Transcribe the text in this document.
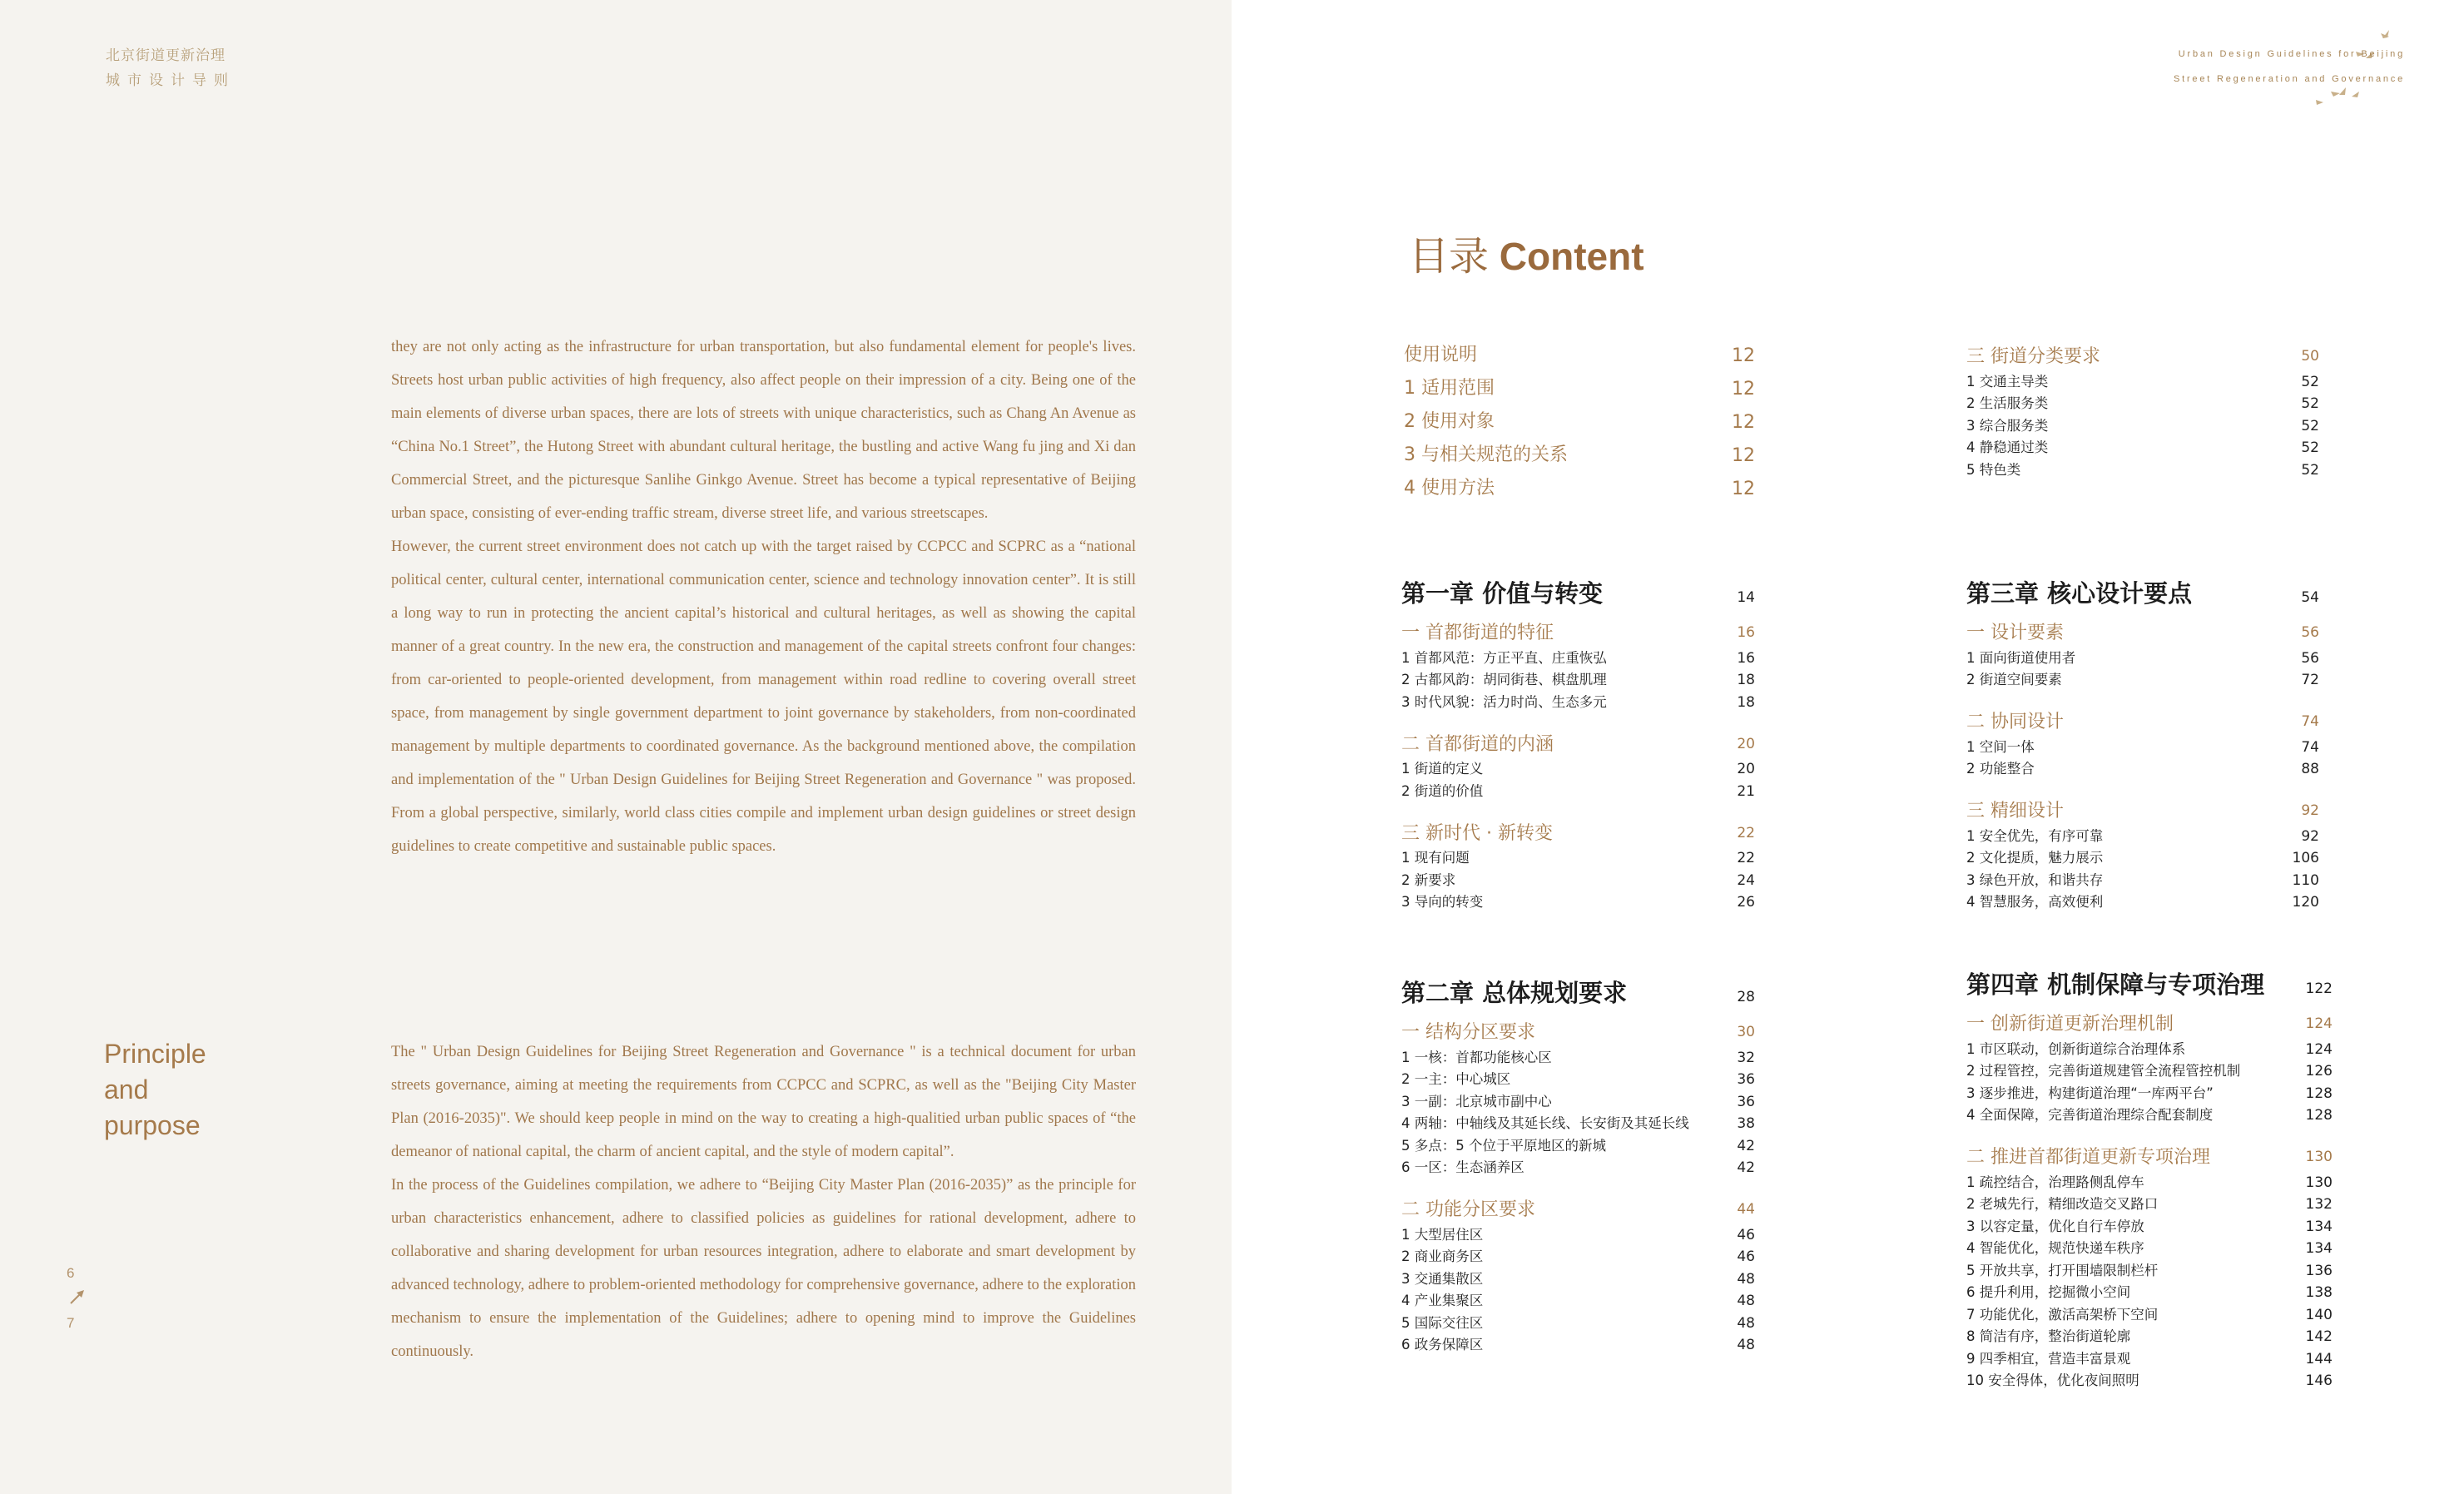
北京街道更新治理
城市设计导则

they are not only acting as the infrastructure for urban transportation, but also fundamental element for people's lives. Streets host urban public activities of high frequency, also affect people on their impression of a city. Being one of the main elements of diverse urban spaces, there are lots of streets with unique characteristics, such as Chang An Avenue as “China No.1 Street”, the Hutong Street with abundant cultural heritage, the bustling and active Wang fu jing and Xi dan Commercial Street, and the picturesque Sanlihe Ginkgo Avenue. Street has become a typical representative of Beijing urban space, consisting of ever-ending traffic stream, diverse street life, and various streetscapes.

However, the current street environment does not catch up with the target raised by CCPCC and SCPRC as a “national political center, cultural center, international communication center, science and technology innovation center”. It is still a long way to run in protecting the ancient capital’s historical and cultural heritages, as well as showing the capital manner of a great country. In the new era, the construction and management of the capital streets confront four changes: from car-oriented to people-oriented development, from management within road redline to covering overall street space, from management by single government department to joint governance by stakeholders, from non-coordinated management by multiple departments to coordinated governance. As the background mentioned above, the compilation and implementation of the " Urban Design Guidelines for Beijing Street Regeneration and Governance " was proposed. From a global perspective, similarly, world class cities compile and implement urban design guidelines or street design guidelines to create competitive and sustainable public spaces.

Principle
and
purpose

The " Urban Design Guidelines for Beijing Street Regeneration and Governance " is a technical document for urban streets governance, aiming at meeting the requirements from CCPCC and SCPRC, as well as the "Beijing City Master Plan (2016-2035)". We should keep people in mind on the way to creating a high-qualitied urban public spaces of “the demeanor of national capital, the charm of ancient capital, and the style of modern capital”.

In the process of the Guidelines compilation, we adhere to “Beijing City Master Plan (2016-2035)” as the principle for urban characteristics enhancement, adhere to classified policies as guidelines for rational development, adhere to collaborative and sharing development for urban resources integration, adhere to elaborate and smart development by advanced technology, adhere to problem-oriented methodology for comprehensive governance, adhere to the exploration mechanism to ensure the implementation of the Guidelines; adhere to opening mind to improve the Guidelines continuously.

6
7
Urban Design Guidelines for Beijing
Street Regeneration and Governance
目录 Content
使用说明	12
1 适用范围	12
2 使用对象	12
3 与相关规范的关系	12
4 使用方法	12
第一章 价值与转变	14
一 首都街道的特征	16
1 首都风范：方正平直、庄重恢弘	16
2 古都风韵：胡同街巷、棋盘肌理	18
3 时代风貌：活力时尚、生态多元	18
二 首都街道的内涵	20
1 街道的定义	20
2 街道的价值	21
三 新时代 · 新转变	22
1 现有问题	22
2 新要求	24
3 导向的转变	26
第二章 总体规划要求	28
一 结构分区要求	30
1 一核：首都功能核心区	32
2 一主：中心城区	36
3 一副：北京城市副中心	36
4 两轴：中轴线及其延长线、长安街及其延长线	38
5 多点：5 个位于平原地区的新城	42
6 一区：生态涵养区	42
二 功能分区要求	44
1 大型居住区	46
2 商业商务区	46
3 交通集散区	48
4 产业集聚区	48
5 国际交往区	48
6 政务保障区	48
三 街道分类要求	50
1 交通主导类	52
2 生活服务类	52
3 综合服务类	52
4 静稳通过类	52
5 特色类	52
第三章 核心设计要点	54
一 设计要素	56
1 面向街道使用者	56
2 街道空间要素	72
二 协同设计	74
1 空间一体	74
2 功能整合	88
三 精细设计	92
1 安全优先，有序可靠	92
2 文化提质，魅力展示	106
3 绿色开放，和谐共存	110
4 智慧服务，高效便利	120
第四章 机制保障与专项治理	122
一 创新街道更新治理机制	124
1 市区联动，创新街道综合治理体系	124
2 过程管控，完善街道规建管全流程管控机制	126
3 逐步推进，构建街道治理“一库两平台”	128
4 全面保障，完善街道治理综合配套制度	128
二 推进首都街道更新专项治理	130
1 疏控结合，治理路侧乱停车	130
2 老城先行，精细改造交叉路口	132
3 以容定量，优化自行车停放	134
4 智能优化，规范快递车秩序	134
5 开放共享，打开围墙限制栏杆	136
6 提升利用，挖掘微小空间	138
7 功能优化，激活高架桥下空间	140
8 简洁有序，整治街道轮廓	142
9 四季相宜，营造丰富景观	144
10 安全得体，优化夜间照明	146
